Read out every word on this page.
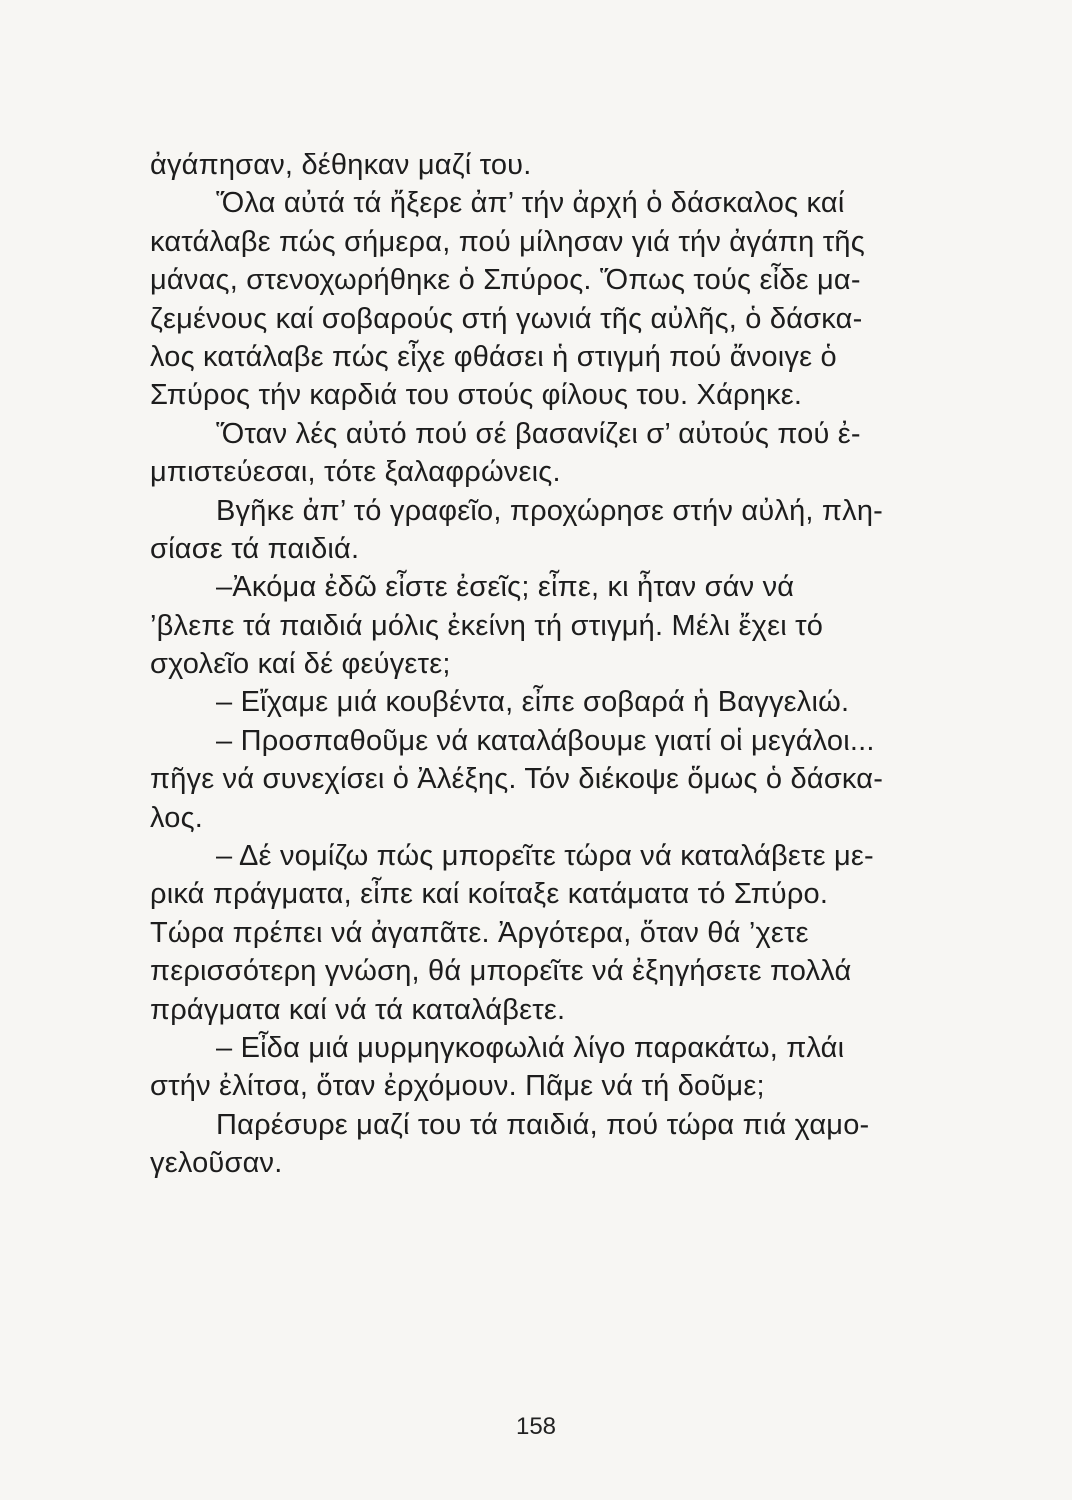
ἀγάπησαν, δέθηκαν μαζί του.
Ὅλα αὐτά τά ἤξερε ἀπ’ τήν ἀρχή ὁ δάσκαλος καί
κατάλαβε πώς σήμερα, πού μίλησαν γιά τήν ἀγάπη τῆς
μάνας, στενοχωρήθηκε ὁ Σπύρος. Ὅπως τούς εἶδε μα-
ζεμένους καί σοβαρούς στή γωνιά τῆς αὐλῆς, ὁ δάσκα-
λος κατάλαβε πώς εἶχε φθάσει ἡ στιγμή πού ἄνοιγε ὁ
Σπύρος τήν καρδιά του στούς φίλους του. Χάρηκε.
Ὅταν λές αὐτό πού σέ βασανίζει σ’ αὐτούς πού ἐ-
μπιστεύεσαι, τότε ξαλαφρώνεις.
Βγῆκε ἀπ’ τό γραφεῖο, προχώρησε στήν αὐλή, πλη-
σίασε τά παιδιά.
–Ἀκόμα ἐδῶ εἶστε ἐσεῖς; εἶπε, κι ἦταν σάν νά
’βλεπε τά παιδιά μόλις ἐκείνη τή στιγμή. Μέλι ἔχει τό
σχολεῖο καί δέ φεύγετε;
– Εἴχαμε μιά κουβέντα, εἶπε σοβαρά ἡ Βαγγελιώ.
– Προσπαθοῦμε νά καταλάβουμε γιατί οἱ μεγάλοι...
πῆγε νά συνεχίσει ὁ Ἀλέξης. Τόν διέκοψε ὅμως ὁ δάσκα-
λος.
– Δέ νομίζω πώς μπορεῖτε τώρα νά καταλάβετε με-
ρικά πράγματα, εἶπε καί κοίταξε κατάματα τό Σπύρο.
Τώρα πρέπει νά ἀγαπᾶτε. Ἀργότερα, ὅταν θά ’χετε
περισσότερη γνώση, θά μπορεῖτε νά ἐξηγήσετε πολλά
πράγματα καί νά τά καταλάβετε.
– Εἶδα μιά μυρμηγκοφωλιά λίγο παρακάτω, πλάι
στήν ἐλίτσα, ὅταν ἐρχόμουν. Πᾶμε νά τή δοῦμε;
Παρέσυρε μαζί του τά παιδιά, πού τώρα πιά χαμο-
γελοῦσαν.
158
